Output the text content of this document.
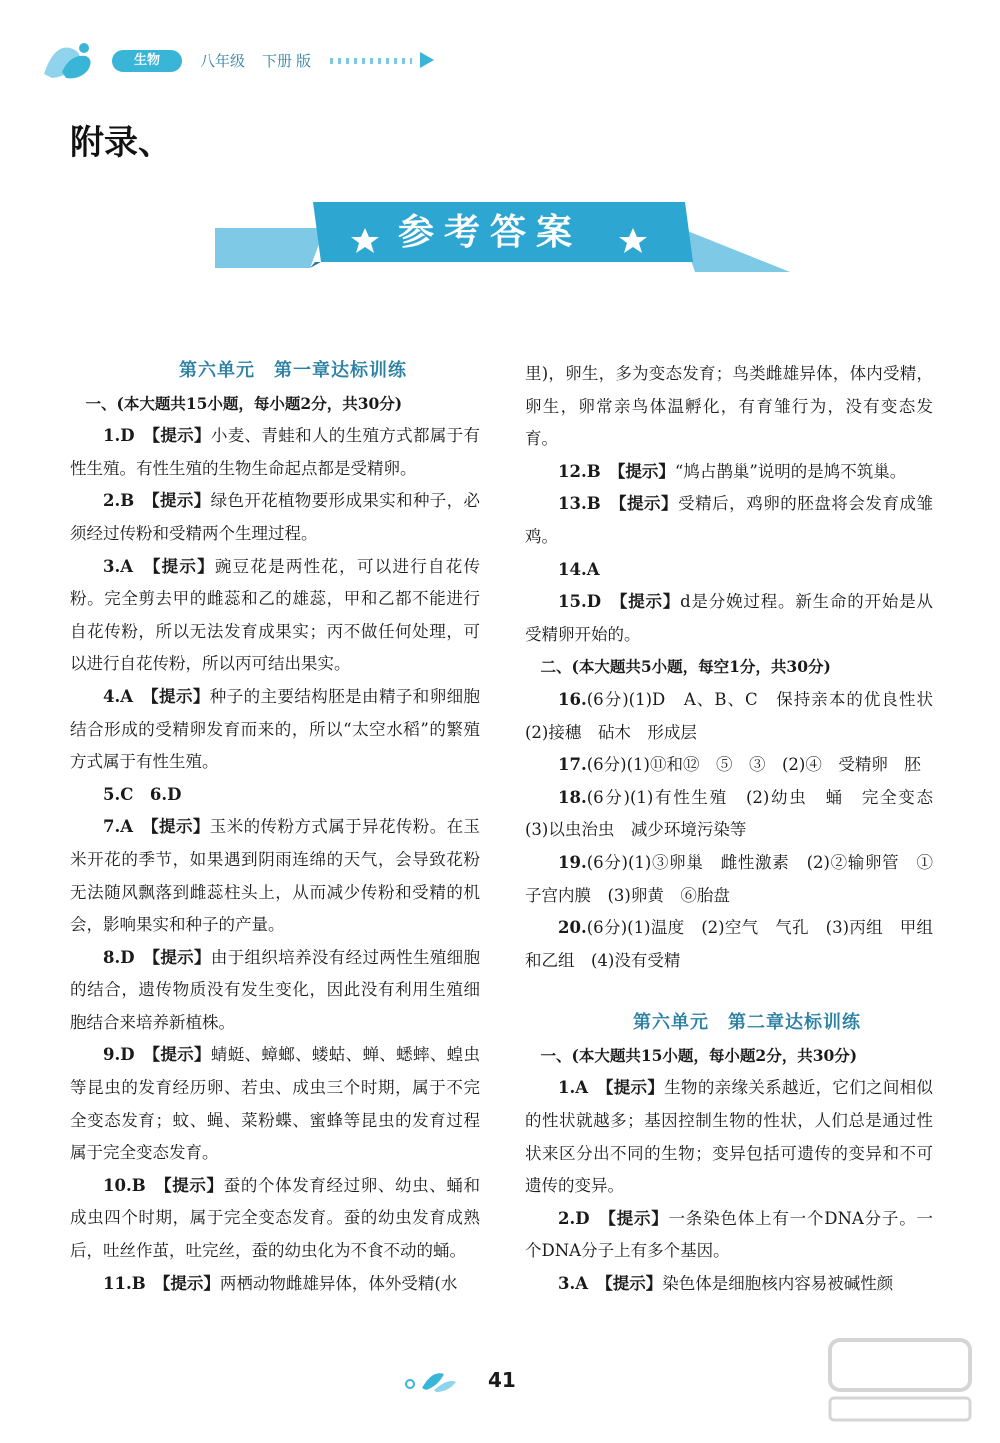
生物	八年级 下册 版
附录、
参考答案

第六单元　第一章达标训练

一、(本大题共15小题，每小题2分，共30分)

1.D　 【提示】小麦、青蛙和人的生殖方式都属于有性生殖。有性生殖的生物生命起点都是受精卵。

2.B　 【提示】绿色开花植物要形成果实和种子，必须经过传粉和受精两个生理过程。

3.A　 【提示】豌豆花是两性花，可以进行自花传粉。完全剪去甲的雌蕊和乙的雄蕊，甲和乙都不能进行自花传粉，所以无法发育成果实；丙不做任何处理，可以进行自花传粉，所以丙可结出果实。

4.A　 【提示】种子的主要结构胚是由精子和卵细胞结合形成的受精卵发育而来的，所以“太空水稻”的繁殖方式属于有性生殖。

5.C　6.D

7.A　 【提示】玉米的传粉方式属于异花传粉。在玉米开花的季节，如果遇到阴雨连绵的天气，会导致花粉无法随风飘落到雌蕊柱头上，从而减少传粉和受精的机会，影响果实和种子的产量。

8.D　 【提示】由于组织培养没有经过两性生殖细胞的结合，遗传物质没有发生变化，因此没有利用生殖细胞结合来培养新植株。

9.D　 【提示】蜻蜓、蟑螂、蝼蛄、蝉、蟋蟀、蝗虫等昆虫的发育经历卵、若虫、成虫三个时期，属于不完全变态发育；蚊、蝇、菜粉蝶、蜜蜂等昆虫的发育过程属于完全变态发育。

10.B　 【提示】蚕的个体发育经过卵、幼虫、蛹和成虫四个时期，属于完全变态发育。蚕的幼虫发育成熟后，吐丝作茧，吐完丝，蚕的幼虫化为不食不动的蛹。

11.B　 【提示】两栖动物雌雄异体，体外受精(水

里)，卵生，多为变态发育；鸟类雌雄异体，体内受精，卵生，卵常亲鸟体温孵化，有育雏行为，没有变态发育。

12.B　 【提示】“鸠占鹊巢”说明的是鸠不筑巢。

13.B　 【提示】受精后，鸡卵的胚盘将会发育成雏鸡。

14.A

15.D　 【提示】d是分娩过程。新生命的开始是从受精卵开始的。

二、(本大题共5小题，每空1分，共30分)

16.(6分)(1)D　A、B、C　保持亲本的优良性状　(2)接穗　砧木　形成层

17.(6分)(1)⑪和⑫　⑤　③　(2)④　受精卵　胚

18.(6分)(1)有性生殖　(2)幼虫　蛹　完全变态　(3)以虫治虫　减少环境污染等

19.(6分)(1)③卵巢　雌性激素　(2)②输卵管　①子宫内膜　(3)卵黄　⑥胎盘

20.(6分)(1)温度　(2)空气　气孔　(3)丙组　甲组和乙组　(4)没有受精

第六单元　第二章达标训练

一、(本大题共15小题，每小题2分，共30分)

1.A　 【提示】生物的亲缘关系越近，它们之间相似的性状就越多；基因控制生物的性状，人们总是通过性状来区分出不同的生物；变异包括可遗传的变异和不可遗传的变异。

2.D　 【提示】一条染色体上有一个DNA分子。一个DNA分子上有多个基因。

3.A　 【提示】染色体是细胞核内容易被碱性颜

41
